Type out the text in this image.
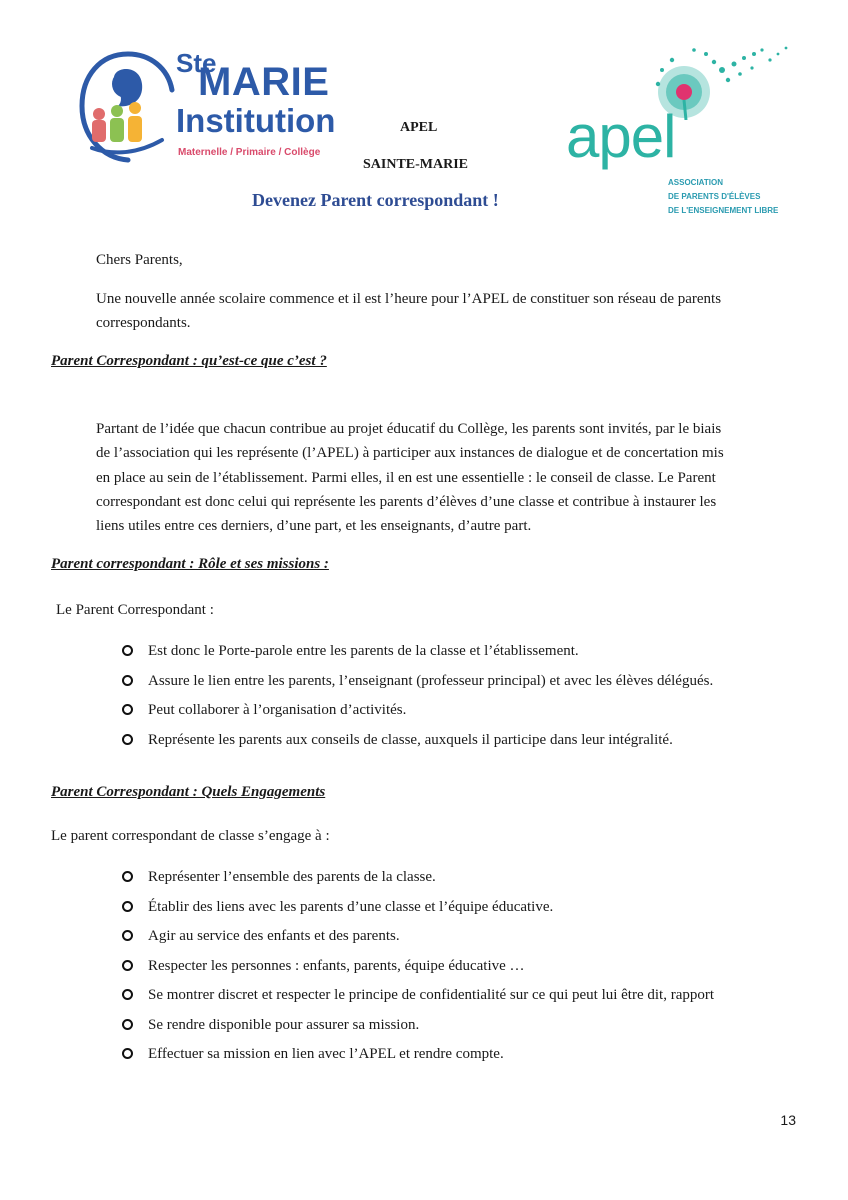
Ste
MARIE
Institution
Maternelle / Primaire / Collège
APEL
SAINTE-MARIE
Devenez Parent correspondant !
apel
ASSOCIATION
DE PARENTS D'ÉLÈVES
DE L'ENSEIGNEMENT LIBRE
Chers Parents,
Une nouvelle année scolaire commence et il est l’heure pour l’APEL de constituer son réseau de parents
correspondants.
Parent Correspondant : qu’est-ce que c’est ?
Partant de l’idée que chacun contribue au projet éducatif du Collège, les parents sont invités, par le biais
de l’association qui les représente (l’APEL) à participer aux instances de dialogue et de concertation mis
en place au sein de l’établissement. Parmi elles, il en est une essentielle : le conseil de classe. Le Parent
correspondant est donc celui qui représente les parents d’élèves d’une classe et contribue à instaurer les
liens utiles entre ces derniers, d’une part, et les enseignants, d’autre part.
Parent correspondant : Rôle et ses missions :
Le Parent Correspondant :
Est donc le Porte-parole entre les parents de la classe et l’établissement.
Assure le lien entre les parents, l’enseignant (professeur principal) et avec les élèves délégués.
Peut collaborer à l’organisation d’activités.
Représente les parents aux conseils de classe, auxquels il participe dans leur intégralité.
Parent Correspondant : Quels Engagements
Le parent correspondant de classe s’engage à :
Représenter l’ensemble des parents de la classe.
Établir des liens avec les parents d’une classe et l’équipe éducative.
Agir au service des enfants et des parents.
Respecter les personnes : enfants, parents, équipe éducative …
Se montrer discret et respecter le principe de confidentialité sur ce qui peut lui être dit, rapport
Se rendre disponible pour assurer sa mission.
Effectuer sa mission en lien avec l’APEL et rendre compte.
13
